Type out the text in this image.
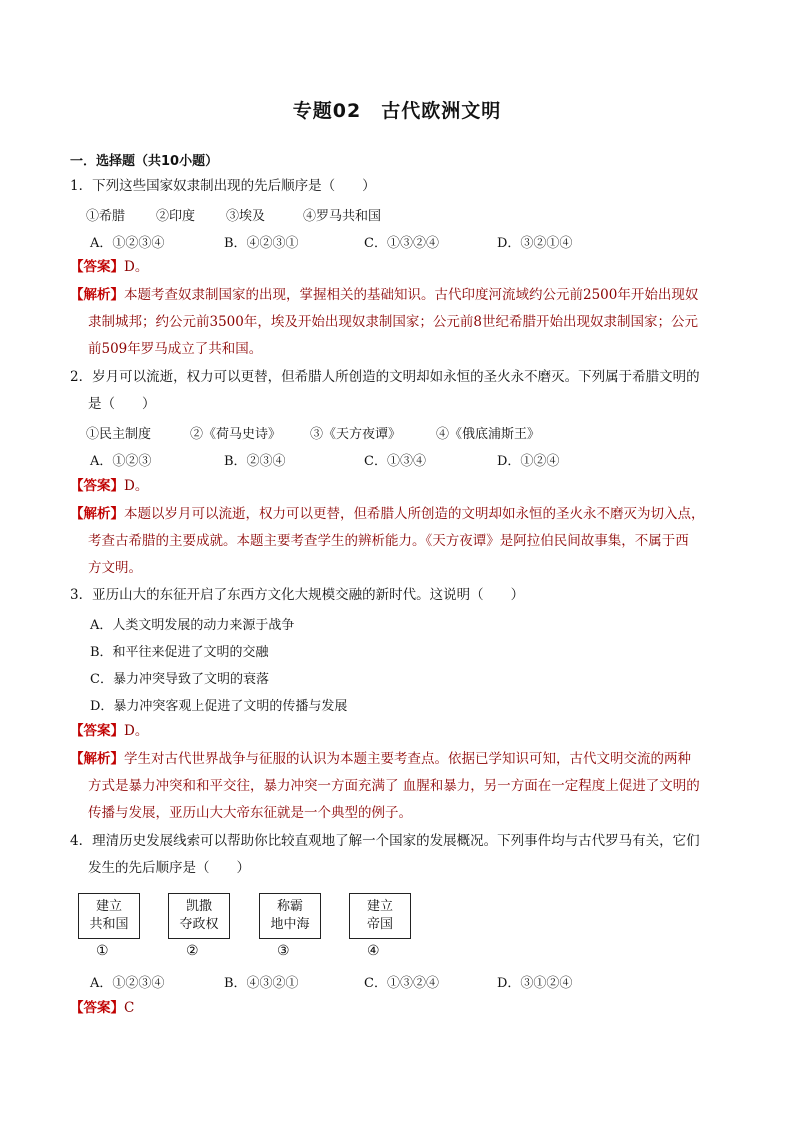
专题02　古代欧洲文明
一．选择题（共10小题）
1．下列这些国家奴隶制出现的先后顺序是（　　）
①希腊 ②印度 ③埃及	④罗马共和国
A．①②③④	B．④②③①	C．①③②④	D．③②①④
【答案】D。
【解析】本题考查奴隶制国家的出现，掌握相关的基础知识。古代印度河流域约公元前2500年开始出现奴
隶制城邦；约公元前3500年，埃及开始出现奴隶制国家；公元前8世纪希腊开始出现奴隶制国家；公元
前509年罗马成立了共和国。
2．岁月可以流逝，权力可以更替，但希腊人所创造的文明却如永恒的圣火永不磨灭。下列属于希腊文明的
是（　　）
①民主制度	②《荷马史诗》 ③《天方夜谭》	④《俄底浦斯王》
A．①②③	B．②③④	C．①③④	D．①②④
【答案】D。
【解析】本题以岁月可以流逝，权力可以更替，但希腊人所创造的文明却如永恒的圣火永不磨灭为切入点，
考查古希腊的主要成就。本题主要考查学生的辨析能力。《天方夜谭》是阿拉伯民间故事集，不属于西
方文明。
3．亚历山大的东征开启了东西方文化大规模交融的新时代。这说明（　　）
A．人类文明发展的动力来源于战争
B．和平往来促进了文明的交融
C．暴力冲突导致了文明的衰落
D．暴力冲突客观上促进了文明的传播与发展
【答案】D。
【解析】学生对古代世界战争与征服的认识为本题主要考查点。依据已学知识可知，古代文明交流的两种
方式是暴力冲突和和平交往，暴力冲突一方面充满了 血腥和暴力，另一方面在一定程度上促进了文明的
传播与发展，亚历山大大帝东征就是一个典型的例子。
4．理清历史发展线索可以帮助你比较直观地了解一个国家的发展概况。下列事件均与古代罗马有关，它们
发生的先后顺序是（　　）
建立
共和国
凯撒
夺政权
称霸
地中海
建立
帝国
①	②	③	④
A．①②③④	B．④③②①	C．①③②④	D．③①②④
【答案】C
